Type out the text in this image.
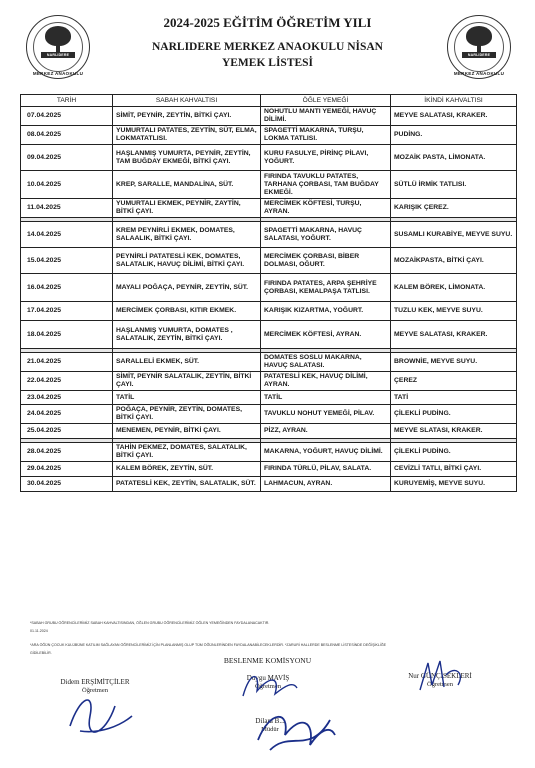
NARLIDERE
MERKEZ ANAOKULU
NARLIDERE
MERKEZ ANAOKULU
2024-2025 EĞİTİM ÖĞRETİM YILI
NARLIDERE MERKEZ ANAOKULU NİSAN
YEMEK LİSTESİ
TARİH	SABAH KAHVALTISI	ÖĞLE YEMEĞİ	İKİNDİ KAHVALTISI
07.04.2025	SİMİT, PEYNİR, ZEYTİN, BİTKİ ÇAYI.	NOHUTLU MANTI YEMEĞİ, HAVUÇ DİLİMİ.	MEYVE SALATASI, KRAKER.
08.04.2025	YUMURTALI PATATES, ZEYTİN, SÜT, ELMA, LOKMATATLISI.	SPAGETTİ MAKARNA, TURŞU, LOKMA TATLISI.	PUDİNG.
09.04.2025	HAŞLANMIŞ YUMURTA, PEYNİR, ZEYTİN, TAM BUĞDAY EKMEĞİ, BİTKİ ÇAYI.	KURU FASULYE, PİRİNÇ PİLAVI, YOĞURT.	MOZAİK PASTA, LİMONATA.
10.04.2025	KREP, SARALLE, MANDALİNA, SÜT.	FIRINDA TAVUKLU PATATES, TARHANA ÇORBASI, TAM BUĞDAY EKMEĞİ.	SÜTLÜ İRMİK TATLISI.
11.04.2025	YUMURTALI EKMEK, PEYNİR, ZAYTİN, BİTKİ ÇAYI.	MERCİMEK KÖFTESİ, TURŞU, AYRAN.	KARIŞIK ÇEREZ.

14.04.2025	KREM PEYNİRLİ EKMEK, DOMATES, SALAALIK, BİTKİ ÇAYI.	SPAGETTİ MAKARNA, HAVUÇ SALATASI, YOĞURT.	SUSAMLI KURABİYE, MEYVE SUYU.
15.04.2025	PEYNİRLİ PATATESLİ KEK, DOMATES, SALATALIK, HAVUÇ DİLİMİ, BİTKİ ÇAYI.	MERCİMEK ÇORBASI, BİBER DOLMASI, OĞURT.	MOZAİKPASTA, BİTKİ ÇAYI.
16.04.2025	MAYALI POĞAÇA, PEYNİR, ZEYTİN, SÜT.	FIRINDA PATATES, ARPA ŞEHRİYE ÇORBASI, KEMALPAŞA TATLISI.	KALEM BÖREK, LİMONATA.
17.04.2025	MERCİMEK ÇORBASI, KITIR EKMEK.	KARIŞIK KIZARTMA, YOĞURT.	TUZLU KEK, MEYVE SUYU.
18.04.2025	HAŞLANMIŞ YUMURTA, DOMATES , SALATALIK, ZEYTİN, BİTKİ ÇAYI.	MERCİMEK KÖFTESİ, AYRAN.	MEYVE SALATASI, KRAKER.

21.04.2025	SARALLELİ EKMEK, SÜT.	DOMATES SOSLU MAKARNA, HAVUÇ SALATASI.	BROWNİE, MEYVE SUYU.
22.04.2025	SİMİT, PEYNİR SALATALIK, ZEYTİN, BİTKİ ÇAYI.	PATATESLİ KEK, HAVUÇ DİLİMİ, AYRAN.	ÇEREZ
23.04.2025	TATİL	TATİL	TATİ
24.04.2025	POĞAÇA, PEYNİR, ZEYTİN, DOMATES, BİTKİ ÇAYI.	TAVUKLU NOHUT YEMEĞİ, PİLAV.	ÇİLEKLİ PUDİNG.
25.04.2025	MENEMEN, PEYNİR, BİTKİ ÇAYI.	PİZZ, AYRAN.	MEYVE SLATASI, KRAKER.

28.04.2025	TAHİN PEKMEZ, DOMATES, SALATALIK, BİTKİ ÇAYI.	MAKARNA, YOĞURT, HAVUÇ DİLİMİ.	ÇİLEKLİ PUDİNG.
29.04.2025	KALEM BÖREK, ZEYTİN, SÜT.	FIRINDA TÜRLÜ, PİLAV, SALATA.	CEVİZLİ TATLI, BİTKİ ÇAYI.
30.04.2025	PATATESLİ KEK, ZEYTİN, SALATALIK, SÜT.	LAHMACUN, AYRAN.	KURUYEMİŞ, MEYVE SUYU.
*SABAH GRUBU ÖĞRENCİLERİMİZ SABAH KAHVALTISINDAN, ÖĞLEN GRUBU ÖĞRENCİLERİMİZ ÖĞLEN YEMEĞİNDEN FAYDALANACAKTIR.
01.11.2024
*ARA ÖĞÜN ÇOCUK KULÜBÜNE KATILIM SAĞLAYAN ÖĞRENCİLERİMİZ İÇİN PLANLANMIŞ OLUP TÜM ÖĞÜNLERİNDEN FAYDALANABİLECEKLERDİR. *ZARURİ HALLERDE BESLENME LİSTESİNDE DEĞİŞİKLİĞE
GİDİLEBİLİR.
BESLENME KOMİSYONU
Didem ERŞİMİTÇİLER
Öğretmen
Duygu MAVİŞ
Öğretmen
Nur GÜNÇİSEKLERİ
Öğretmen
Dilara B...
Müdür
